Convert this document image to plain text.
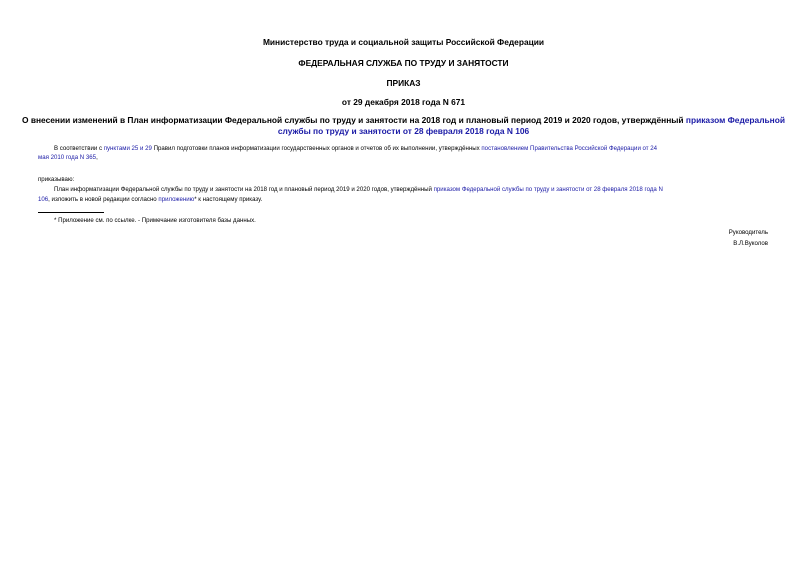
Министерство труда и социальной защиты Российской Федерации
ФЕДЕРАЛЬНАЯ СЛУЖБА ПО ТРУДУ И ЗАНЯТОСТИ
ПРИКАЗ
от 29 декабря 2018 года N 671
О внесении изменений в План информатизации Федеральной службы по труду и занятости на 2018 год и плановый период 2019 и 2020 годов, утверждённый приказом Федеральной службы по труду и занятости от 28 февраля 2018 года N 106
В соответствии с пунктами 25 и 29 Правил подготовки планов информатизации государственных органов и отчетов об их выполнении, утверждённых постановлением Правительства Российской Федерации от 24
мая 2010 года N 365,
приказываю:
План информатизации Федеральной службы по труду и занятости на 2018 год и плановый период 2019 и 2020 годов, утверждённый приказом Федеральной службы по труду и занятости от 28 февраля 2018 года N
106, изложить в новой редакции согласно приложению* к настоящему приказу.
* Приложение см. по ссылке. - Примечание изготовителя базы данных.
Руководитель
В.Л.Вуколов
